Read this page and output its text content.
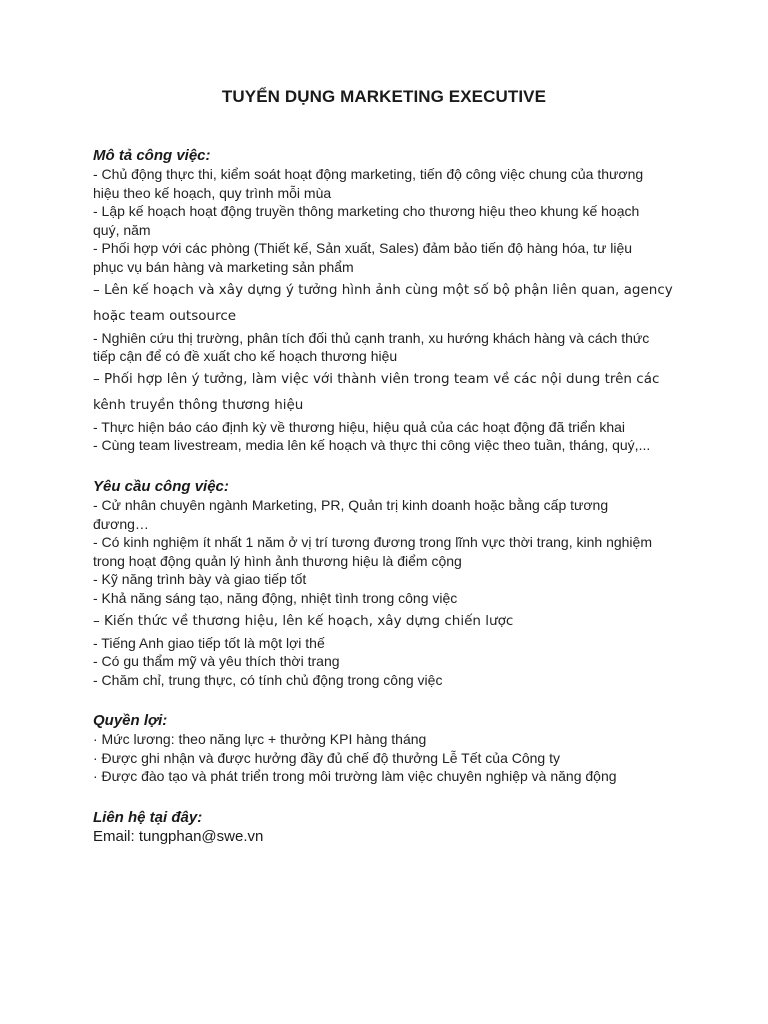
TUYỂN DỤNG MARKETING EXECUTIVE
Mô tả công việc:
- Chủ động thực thi, kiểm soát hoạt động marketing, tiến độ công việc chung của thương
hiệu theo kế hoạch, quy trình mỗi mùa
- Lập kế hoạch hoạt động truyền thông marketing cho thương hiệu theo khung kế hoạch
quý, năm
- Phối hợp với các phòng (Thiết kế, Sản xuất, Sales) đảm bảo tiến độ hàng hóa, tư liệu
phục vụ bán hàng và marketing sản phẩm
– Lên kế hoạch và xây dựng ý tưởng hình ảnh cùng một số bộ phận liên quan, agency
hoặc team outsource
- Nghiên cứu thị trường, phân tích đối thủ cạnh tranh, xu hướng khách hàng và cách thức
tiếp cận để có đề xuất cho kế hoạch thương hiệu
– Phối hợp lên ý tưởng, làm việc với thành viên trong team về các nội dung trên các
kênh truyền thông thương hiệu
- Thực hiện báo cáo định kỳ về thương hiệu, hiệu quả của các hoạt động đã triển khai
- Cùng team livestream, media lên kế hoạch và thực thi công việc theo tuần, tháng, quý,...
Yêu cầu công việc:
- Cử nhân chuyên ngành Marketing, PR, Quản trị kinh doanh hoặc bằng cấp tương
đương…
- Có kinh nghiệm ít nhất 1 năm ở vị trí tương đương trong lĩnh vực thời trang, kinh nghiệm
trong hoạt động quản lý hình ảnh thương hiệu là điểm cộng
- Kỹ năng trình bày và giao tiếp tốt
- Khả năng sáng tạo, năng động, nhiệt tình trong công việc
– Kiến thức về thương hiệu, lên kế hoạch, xây dựng chiến lược
- Tiếng Anh giao tiếp tốt là một lợi thế
- Có gu thẩm mỹ và yêu thích thời trang
- Chăm chỉ, trung thực, có tính chủ động trong công việc
Quyền lợi:
· Mức lương: theo năng lực + thưởng KPI hàng tháng
· Được ghi nhận và được hưởng đầy đủ chế độ thưởng Lễ Tết của Công ty
· Được đào tạo và phát triển trong môi trường làm việc chuyên nghiệp và năng động
Liên hệ tại đây:
Email: tungphan@swe.vn
